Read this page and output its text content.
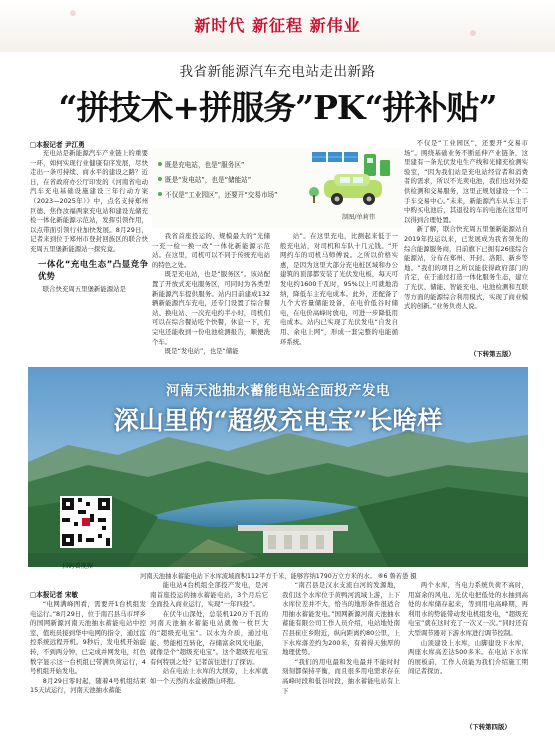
新时代 新征程 新伟业
我省新能源汽车充电站走出新路
“拼技术+拼服务”PK“拼补贴”
□本报记者 尹江勇

充电站是新能源汽车产业链上的重要一环，如何实现行业健康有序发展，尽快走出一条可持续、商水平的建设之路？近日，在省政府办公厅印发的《河南省电动汽车充电基础设施建设三年行动方案（2023—2025年）》中，点名支持郑州巨德、焦作汝福两家充电站和建设光储充检一体化新能源示范站，发挥引领作用，以点带面引领行业加快发展。8月29日，记者来到位于郑州市登封回族区的联合快充周五里堡新能源站一探究竟。

一体化“充电生态”凸显竞争优势

联合快充周五里堡新能源站是

既是充电站，也是“服务区”
既是“发电站”，也是“储能站”
不仅是“工业园区”，还要开“交易市场”
制图/单莉伟

我省首座投运的、规模最大的“光储一充一检一换一改”一体化新能源示范站。在这里，司机可以不同于传统充电站的特色之处。

既是充电站，也是“服务区”。该站配置了开放式充电服务区，可同时为各类型新能源汽车提供服务。站内目前建成132辆新能源汽车充电，还专门设置了综合餐站、换电站、一次充电约半小时，司机们可以在综合餐站吃个快餐，休息一下，充完电还能收到一份电池检测报告，顺便洗个车。

既是“发电站”，也是“储能

站”。在这里充电，比测起来低于一般充电站，对司机和车队十几元钱。“开网约车的司机马师傅说。之所以价格实惠，是因为这里大部分充电桩区域和办公建筑的顶部都安装了光伏发电板，每天可发电约1600千瓦时，95%以上可就地消纳，降低车主充电成本。此外，还配备了九个大容量储能设备，在电价低谷时储电，在电价高峰时放电，可进一步降低用电成本。站内已实现了光伏发电“自发自用、余电上网”，形成一套完整的电能循环系统。

不仅是“工业园区”，还要开“交易市场”。围绕基础业务不断延伸产业链条，这里建有一条光伏发电生产线和光储充检测实验室，“因为我们站是充电站经营者和消费者的需求，所以不光卖电池，我们也对外提供检测和交易服务，这里正规划建设一个二手车交易中心。”未来，新能源汽车从车主手中购买电池后，其退役的车的电池在这里可以得到合理处置。

新了解，联合快充周五里堡新能源站自2019年投运以来，已发展成为我省领先的综合能源服务商，目前旗下已拥有26座综合能源站，分布在郑州、开封、洛阳、新乡等地。“我们的项目之所以能获得政府部门的肯定，在于通过打造一体化服务生态，建立了光伏、储能、智能充电、电池检测和互联等方面的能源综合利用模式，实现了商业模式的创新。”业务负责人说。

（下转第五版）
河南天池抽水蓄能电站全面投产发电
深山里的“超级充电宝”长啥样
扫码看视频
河南天池抽水蓄能电站下水库流域面积112平方千米，能够容纳1790万立方米的水。 ⑥6 鲁若愚 摄
□本报记者 宋敏

“电网满峰图看，需要开1台机组发电运行。”8月29日，位于南召县马市坪乡的国网新源河南天池抽水蓄能电站中控室，值班员接到华中电网的指令，通过监控系统远程开机。9秒后，发电机开始旋转，不到两分钟，已完成并网发电，红色数字显示这一台机组已带满负荷运行，4号机组开始发电。

8月29日零时起，随着4号机组结束15天试运行，河南天池抽水蓄能

能电站4台机组全部投产发电，是河南首座投运的抽水蓄能电站，3个月后它全面投入商业运行，实现“一年四投”。

在伏牛山深处，总装机120万千瓦的河南天池抽水蓄能电站就像一枚巨大的“超级充电宝”。以水为介质，通过电能、势能相互转化，存储富余风光电能，就像是个“超级充电宝”。这个超级充电宝有何特别之处？记者前往进行了探访。

站在电站上水库的大坝旁，上水库就如一个天然的水盆被群山环抱。

“南召县是汉水支流白河的发源地，我们这个水库位于黄鸭河流域上游，上下水库位差并不大，恰当的地形条件很适合用抽水蓄能发电。”国网新源河南天池抽水蓄能有限公司工作人员介绍，电站地处南召县崔庄乡附近，纵向距离约80公里，上下水库落差约为200米，有着得天独厚的地理优势。

“我们的用电最和发电最并不能时时刻刻都保持平衡，而且很多用电需求存在高峰时段和低谷时段，抽水蓄能电站有上下

两个水库，当电力系统负荷不高时，用富余的风电、光伏电把低处的水抽到高处的水库储存起来，等到用电高峰期，再利用水的势能带动发电机组发电，“超级充电宝”就在这时充了一次又一次。”同时还有大型调节器对下游水库进行调节控制。

山顶建设上水库，山脚建设下水库，两座水库高差达500多米。在电站下水库的展板前，工作人员能为我们介绍施工期间记者探访。

（下转第四版）
